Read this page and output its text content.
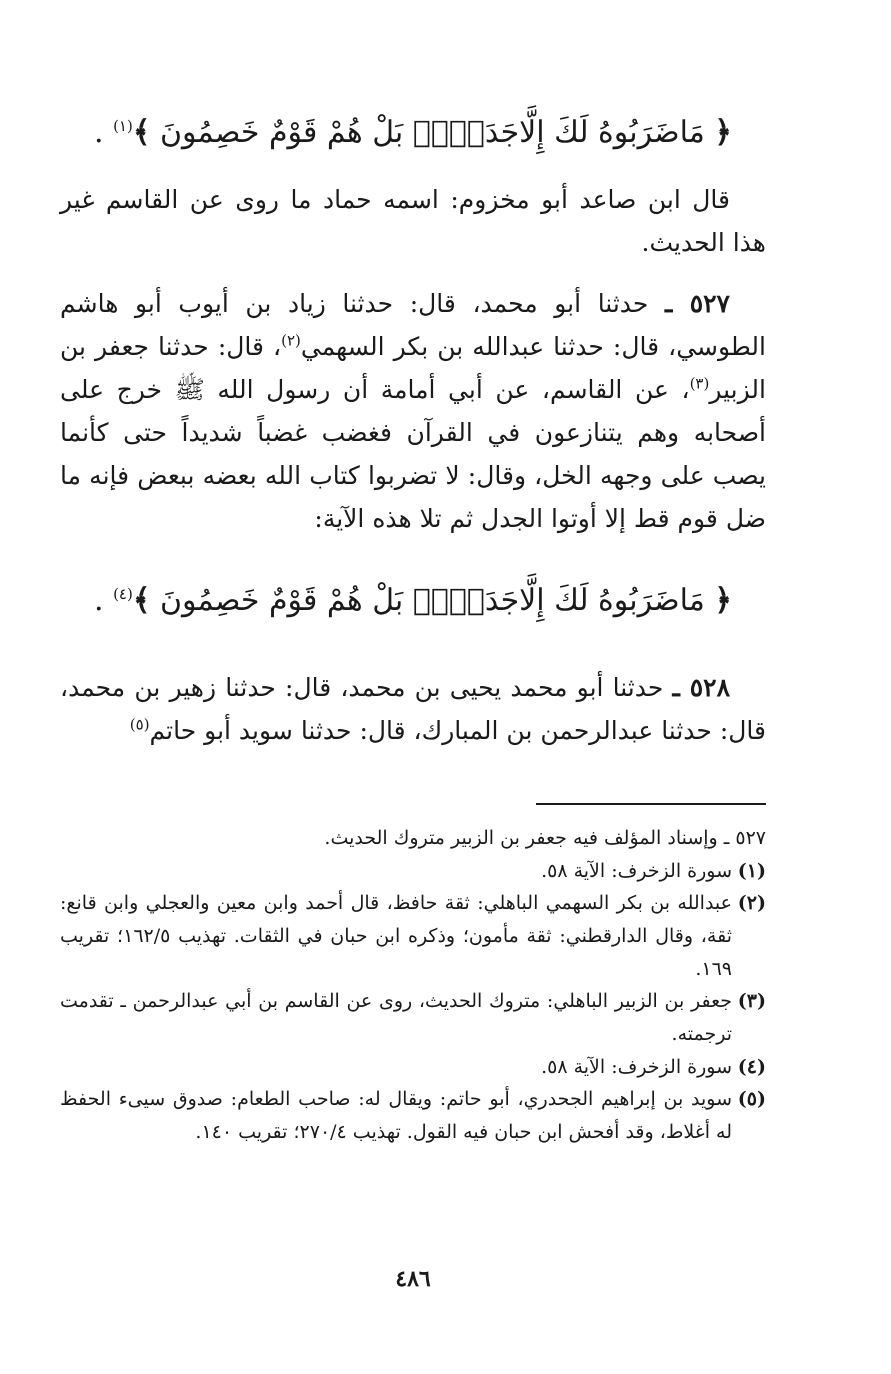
﴿ مَاضَرَبُوهُ لَكَ إِلَّاجَدَلَاۢ بَلْ هُمْ قَوْمٌ خَصِمُونَ ﴾$^{(١)}$ .

قال ابن صاعد أبو مخزوم: اسمه حماد ما روى عن القاسم غير هذا الحديث.

٥٢٧ ـ حدثنا أبو محمد، قال: حدثنا زياد بن أيوب أبو هاشم الطوسي، قال: حدثنا عبدالله بن بكر السهمي$^{(٢)}$، قال: حدثنا جعفر بن الزبير$^{(٣)}$، عن القاسم، عن أبي أمامة أن رسول الله ﷺ خرج على أصحابه وهم يتنازعون في القرآن فغضب غضباً شديداً حتى كأنما يصب على وجهه الخل، وقال: لا تضربوا كتاب الله بعضه ببعض فإنه ما ضل قوم قط إلا أوتوا الجدل ثم تلا هذه الآية:

﴿ مَاضَرَبُوهُ لَكَ إِلَّاجَدَلَاۢ بَلْ هُمْ قَوْمٌ خَصِمُونَ ﴾$^{(٤)}$ .

٥٢٨ ـ حدثنا أبو محمد يحيى بن محمد، قال: حدثنا زهير بن محمد، قال: حدثنا عبدالرحمن بن المبارك، قال: حدثنا سويد أبو حاتم$^{(٥)}$

٥٢٧ ـ وإسناد المؤلف فيه جعفر بن الزبير متروك الحديث.

(١)
سورة الزخرف: الآية ٥٨.

(٢)
عبدالله بن بكر السهمي الباهلي: ثقة حافظ، قال أحمد وابن معين والعجلي وابن قانع: ثقة، وقال الدارقطني: ثقة مأمون؛ وذكره ابن حبان في الثقات. تهذيب ١٦٢/٥؛ تقريب ١٦٩.

(٣)
جعفر بن الزبير الباهلي: متروك الحديث، روى عن القاسم بن أبي عبدالرحمن ـ تقدمت ترجمته.

(٤)
سورة الزخرف: الآية ٥٨.

(٥)
سويد بن إبراهيم الجحدري، أبو حاتم: ويقال له: صاحب الطعام: صدوق سيىء الحفظ له أغلاط، وقد أفحش ابن حبان فيه القول. تهذيب ٢٧٠/٤؛ تقريب ١٤٠.

٤٨٦
